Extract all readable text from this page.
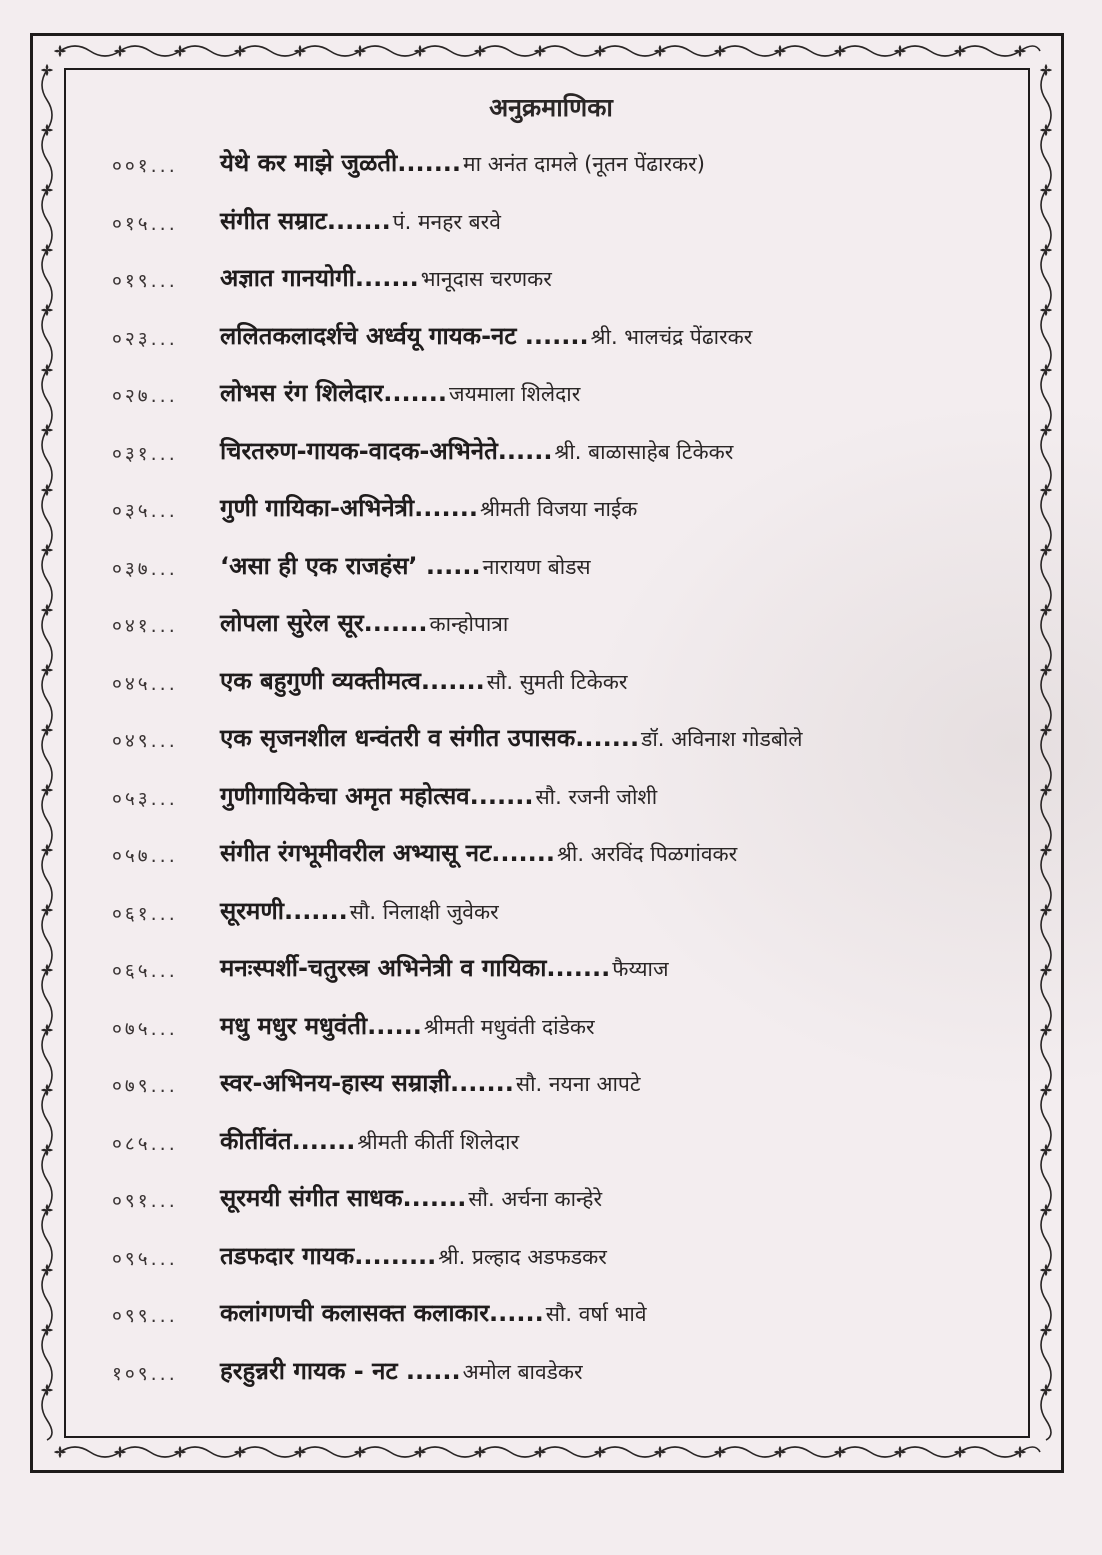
अनुक्रमाणिका
००१... येथे कर माझे जुळती.......मा अनंत दामले (नूतन पेंढारकर)
०१५... संगीत सम्राट.......पं. मनहर बरवे
०१९... अज्ञात गानयोगी.......भानूदास चरणकर
०२३... ललितकलादर्शचे अर्ध्वयू गायक-नट .......श्री. भालचंद्र पेंढारकर
०२७... लोभस रंग शिलेदार.......जयमाला शिलेदार
०३१... चिरतरुण-गायक-वादक-अभिनेते......श्री. बाळासाहेब टिकेकर
०३५... गुणी गायिका-अभिनेत्री.......श्रीमती विजया नाईक
०३७... ‘असा ही एक राजहंस’ ......नारायण बोडस
०४१... लोपला सुरेल सूर.......कान्होपात्रा
०४५... एक बहुगुणी व्यक्तीमत्व.......सौ. सुमती टिकेकर
०४९... एक सृजनशील धन्वंतरी व संगीत उपासक.......डॉ. अविनाश गोडबोले
०५३... गुणीगायिकेचा अमृत महोत्सव.......सौ. रजनी जोशी
०५७... संगीत रंगभूमीवरील अभ्यासू नट.......श्री. अरविंद पिळगांवकर
०६१... सूरमणी.......सौ. निलाक्षी जुवेकर
०६५... मनःस्पर्शी-चतुरस्त्र अभिनेत्री व गायिका.......फैय्याज
०७५... मधु मधुर मधुवंती......श्रीमती मधुवंती दांडेकर
०७९... स्वर-अभिनय-हास्य सम्राज्ञी.......सौ. नयना आपटे
०८५... कीर्तीवंत.......श्रीमती कीर्ती शिलेदार
०९१... सूरमयी संगीत साधक.......सौ. अर्चना कान्हेरे
०९५... तडफदार गायक.........श्री. प्रल्हाद अडफडकर
०९९... कलांगणची कलासक्त कलाकार......सौ. वर्षा भावे
१०९... हरहुन्नरी गायक - नट ......अमोल बावडेकर
